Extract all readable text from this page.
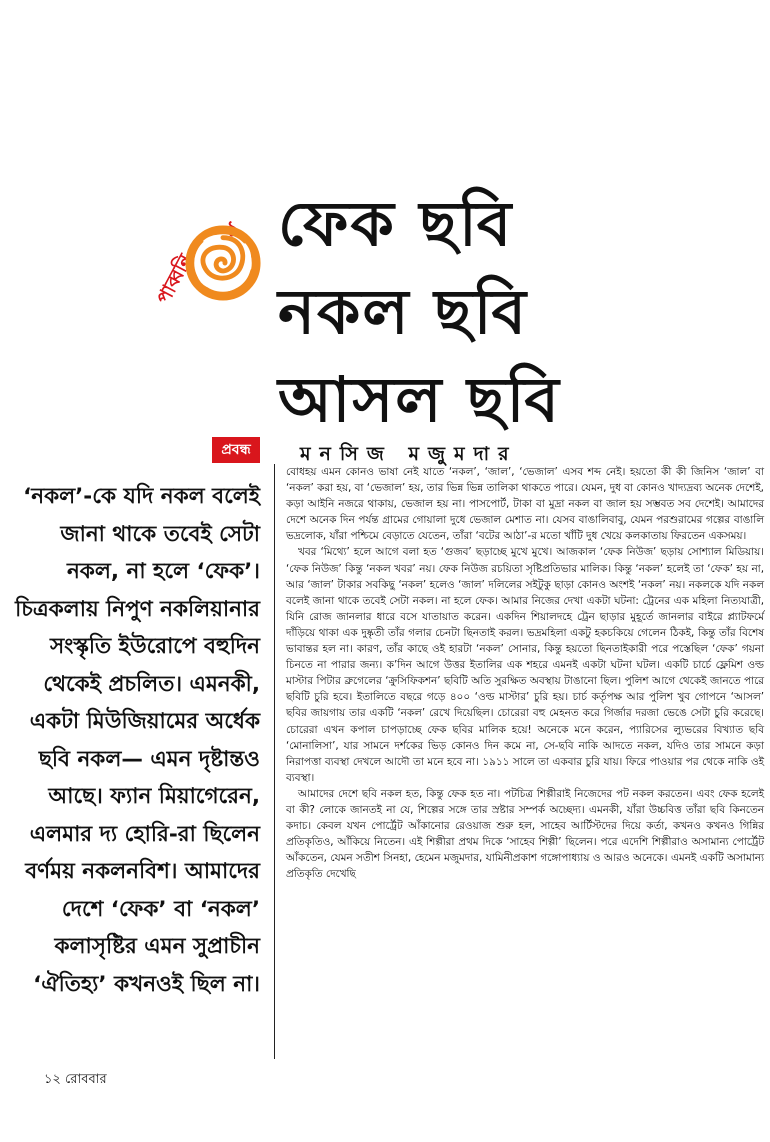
ফেক ছবি
নকল ছবি
আসল ছবি
পাব্বনি
১
প্রবন্ধ	মনসিজ মজুমদার

‘নকল’-কে যদি নকল বলেই জানা থাকে তবেই সেটা নকল, না হলে ‘ফেক’। চিত্রকলায় নিপুণ নকলিয়ানার সংস্কৃতি ইউরোপে বহুদিন থেকেই প্রচলিত। এমনকী, একটা মিউজিয়ামের অর্ধেক ছবি নকল— এমন দৃষ্টান্তও আছে। ফ্যান মিয়াগেরেন, এলমার দ্য হোরি-রা ছিলেন বর্ণময় নকলনবিশ। আমাদের দেশে ‘ফেক’ বা ‘নকল’ কলাসৃষ্টির এমন সুপ্রাচীন ‘ঐতিহ্য’ কখনওই ছিল না।

বোধহয় এমন কোনও ভাষা নেই যাতে ‘নকল’, ‘জাল’, ‘ভেজাল’ এসব শব্দ নেই। হয়তো কী কী জিনিস ‘জাল’ বা ‘নকল’ করা হয়, বা ‘ভেজাল’ হয়, তার ভিন্ন ভিন্ন তালিকা থাকতে পারে। যেমন, দুধ বা কোনও খাদ্যদ্রব্য অনেক দেশেই, কড়া আইনি নজরে থাকায়, ভেজাল হয় না। পাসপোর্ট, টাকা বা মুদ্রা নকল বা জাল হয় সম্ভবত সব দেশেই। আমাদের দেশে অনেক দিন পর্যন্ত গ্রামের গোয়ালা দুধে ভেজাল মেশাত না। যেসব বাঙালিবাবু, যেমন পরশুরামের গল্পের বাঙালি ভদ্রলোক, যাঁরা পশ্চিমে বেড়াতে যেতেন, তাঁরা ‘বটের আঠা’-র মতো খাঁটি দুধ খেয়ে কলকাতায় ফিরতেন একসময়।

খবর ‘মিথ্যে’ হলে আগে বলা হত ‘গুজব’ ছড়াচ্ছে মুখে মুখে। আজকাল ‘ফেক নিউজ’ ছড়ায় সোশ্যাল মিডিয়ায়। ‘ফেক নিউজ’ কিন্তু ‘নকল খবর’ নয়। ফেক নিউজ রচয়িতা সৃষ্টিপ্রতিভার মালিক। কিন্তু ‘নকল’ হলেই তা ‘ফেক’ হয় না, আর ‘জাল’ টাকার সবকিছু ‘নকল’ হলেও ‘জাল’ দলিলের সইটুকু ছাড়া কোনও অংশই ‘নকল’ নয়। নকলকে যদি নকল বলেই জানা থাকে তবেই সেটা নকল। না হলে ফেক। আমার নিজের দেখা একটা ঘটনা: ট্রেনের এক মহিলা নিত্যযাত্রী, যিনি রোজ জানলার ধারে বসে যাতায়াত করেন। একদিন শিয়ালদহে ট্রেন ছাড়ার মুহূর্তে জানলার বাইরে প্ল্যাটফর্মে দাঁড়িয়ে থাকা এক দুষ্কৃতী তাঁর গলার চেনটা ছিনতাই করল। ভদ্রমহিলা একটু হকচকিয়ে গেলেন ঠিকই, কিন্তু তাঁর বিশেষ ভাবান্তর হল না। কারণ, তাঁর কাছে ওই হারটা ‘নকল’ সোনার, কিন্তু হয়তো ছিনতাইকারী পরে পস্তেছিল ‘ফেক’ গয়না চিনতে না পারার জন্য। ক’দিন আগে উত্তর ইতালির এক শহরে এমনই একটা ঘটনা ঘটল। একটি চার্চে ফ্লেমিশ ওল্ড মাস্টার পিটার ব্রুগেলের ‘ক্রুসিফিকশন’ ছবিটি অতি সুরক্ষিত অবস্থায় টাঙানো ছিল। পুলিশ আগে থেকেই জানতে পারে ছবিটি চুরি হবে। ইতালিতে বছরে গড়ে ৪০০ ‘ওল্ড মাস্টার’ চুরি হয়। চার্চ কর্তৃপক্ষ আর পুলিশ খুব গোপনে ‘আসল’ ছবির জায়গায় তার একটি ‘নকল’ রেখে দিয়েছিল। চোরেরা বহু মেহনত করে গির্জার দরজা ভেঙে সেটা চুরি করেছে। চোরেরা এখন কপাল চাপড়াচ্ছে ফেক ছবির মালিক হয়ে! অনেকে মনে করেন, প্যারিসের ল্যুভরের বিখ্যাত ছবি ‘মোনালিসা’, যার সামনে দর্শকের ভিড় কোনও দিন কমে না, সে-ছবি নাকি আদতে নকল, যদিও তার সামনে কড়া নিরাপত্তা ব্যবস্থা দেখলে আদৌ তা মনে হবে না। ১৯১১ সালে তা একবার চুরি যায়। ফিরে পাওয়ার পর থেকে নাকি ওই ব্যবস্থা।

আমাদের দেশে ছবি নকল হত, কিন্তু ফেক হত না। পটচিত্র শিল্পীরাই নিজেদের পট নকল করতেন। এবং ফেক হলেই বা কী? লোকে জানতই না যে, শিল্পের সঙ্গে তার স্রষ্টার সম্পর্ক অচ্ছেদ্য। এমনকী, যাঁরা উচ্চবিত্ত তাঁরা ছবি কিনতেন কদাচ। কেবল যখন পোর্ট্রেট আঁকানোর রেওয়াজ শুরু হল, সাহেব আর্টিস্টদের দিয়ে কর্তা, কখনও কখনও গিন্নির প্রতিকৃতিও, আঁকিয়ে নিতেন। এই শিল্পীরা প্রথম দিকে ‘সাহেব শিল্পী’ ছিলেন। পরে এদেশি শিল্পীরাও অসামান্য পোর্ট্রেট আঁকতেন, যেমন সতীশ সিনহা, হেমেন মজুমদার, যামিনীপ্রকাশ গঙ্গোপাধ্যায় ও আরও অনেকে। এমনই একটি অসামান্য প্রতিকৃতি দেখেছি

১২ রোববার
